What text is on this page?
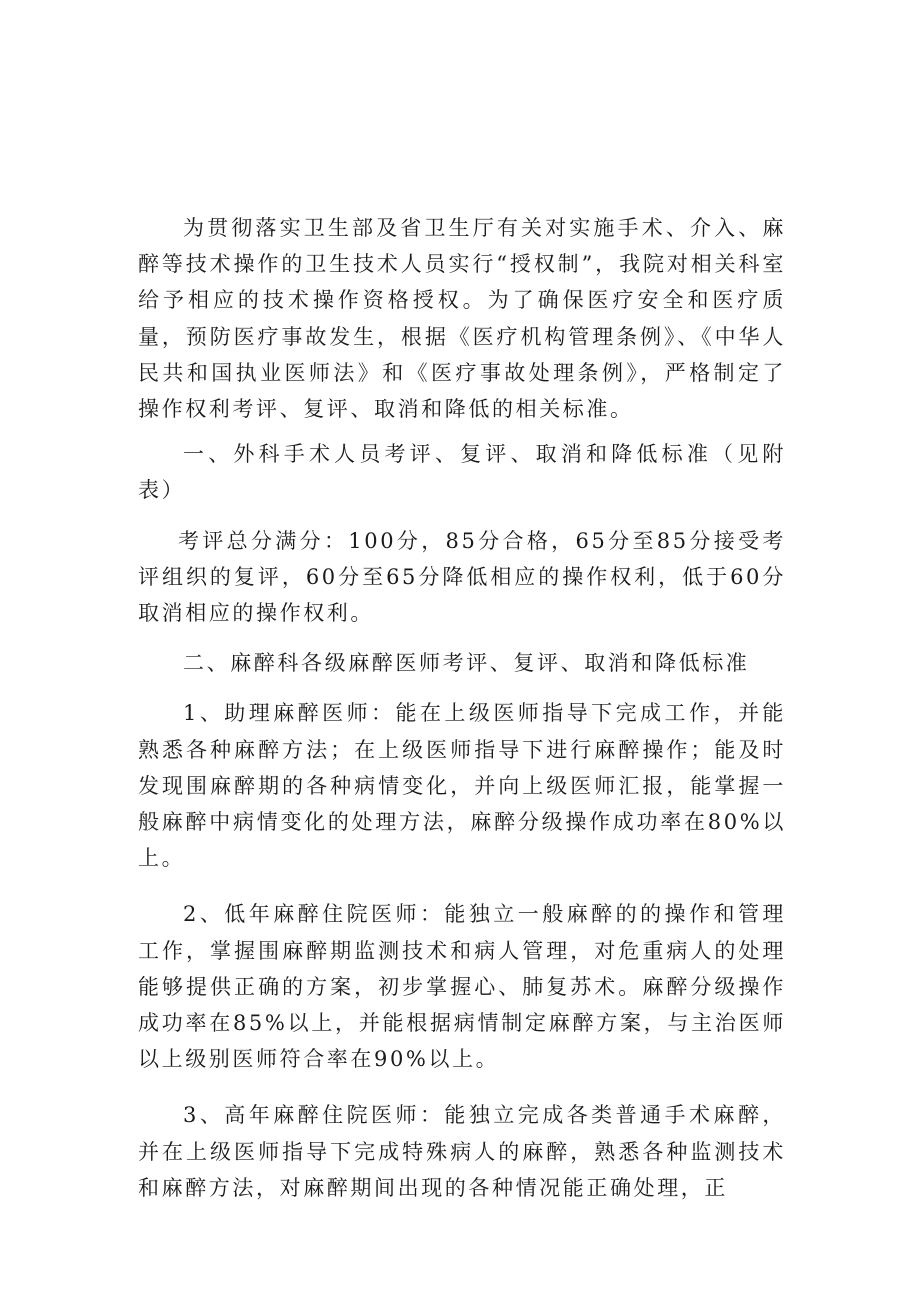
为贯彻落实卫生部及省卫生厅有关对实施手术、介入、麻醉等技术操作的卫生技术人员实行“授权制”，我院对相关科室给予相应的技术操作资格授权。为了确保医疗安全和医疗质量，预防医疗事故发生，根据《医疗机构管理条例》、《中华人民共和国执业医师法》和《医疗事故处理条例》，严格制定了操作权利考评、复评、取消和降低的相关标准。

一、外科手术人员考评、复评、取消和降低标准（见附表）

考评总分满分：100分，85分合格，65分至85分接受考评组织的复评，60分至65分降低相应的操作权利，低于60分取消相应的操作权利。

二、麻醉科各级麻醉医师考评、复评、取消和降低标准

1、助理麻醉医师：能在上级医师指导下完成工作，并能熟悉各种麻醉方法；在上级医师指导下进行麻醉操作；能及时发现围麻醉期的各种病情变化，并向上级医师汇报，能掌握一般麻醉中病情变化的处理方法，麻醉分级操作成功率在80%以上。

2、低年麻醉住院医师：能独立一般麻醉的的操作和管理工作，掌握围麻醉期监测技术和病人管理，对危重病人的处理能够提供正确的方案，初步掌握心、肺复苏术。麻醉分级操作成功率在85%以上，并能根据病情制定麻醉方案，与主治医师以上级别医师符合率在90%以上。

3、高年麻醉住院医师：能独立完成各类普通手术麻醉，并在上级医师指导下完成特殊病人的麻醉，熟悉各种监测技术和麻醉方法，对麻醉期间出现的各种情况能正确处理，正
